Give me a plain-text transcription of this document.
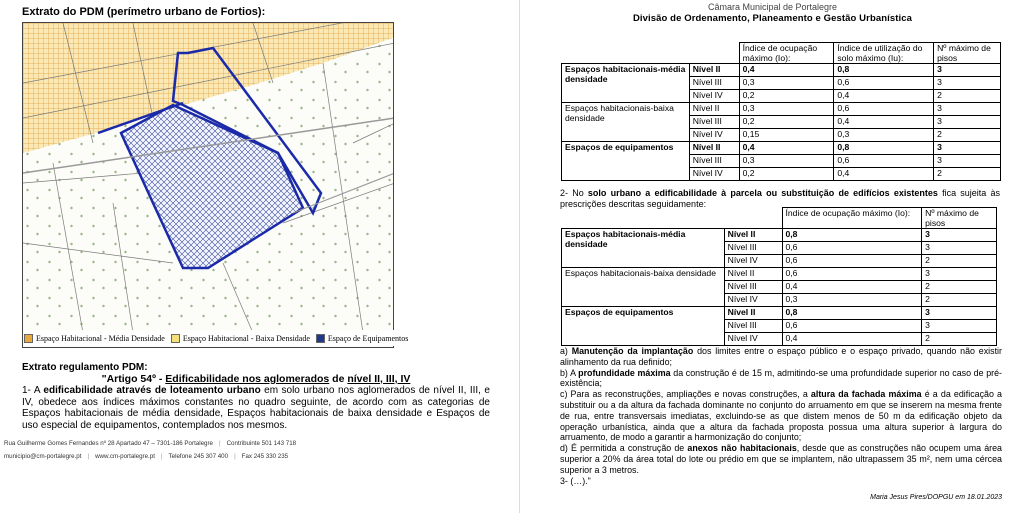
Extrato do PDM (perímetro urbano de Fortios):
Espaço Habitacional - Média Densidade Espaço Habitacional - Baixa Densidade Espaço de Equipamentos
Extrato regulamento PDM:
"Artigo 54º - Edificabilidade nos aglomerados de nível II, III, IV

1- A edificabilidade através de loteamento urbano em solo urbano nos aglomerados de nível II, III, e IV, obedece aos índices máximos constantes no quadro seguinte, de acordo com as categorias de Espaços habitacionais de média densidade, Espaços habitacionais de baixa densidade e Espaços de uso especial de equipamentos, contemplados nos mesmos.

Rua Guilherme Gomes Fernandes nº 28 Apartado 47 – 7301-186 Portalegre | Contribuinte 501 143 718
municipio@cm-portalegre.pt | www.cm-portalegre.pt | Telefone 245 307 400 | Fax 245 330 235
Câmara Municipal de Portalegre
Divisão de Ordenamento, Planeamento e Gestão Urbanística
		Índice de ocupação máximo (Io):	Índice de utilização do solo máximo (Iu):	Nº máximo de pisos
Espaços habitacionais-média densidade	Nível II	0,4	0,8	3
	Nível III	0,3	0,6	3
	Nível IV	0,2	0,4	2
Espaços habitacionais-baixa densidade	Nível II	0,3	0,6	3
	Nível III	0,2	0,4	3
	Nível IV	0,15	0,3	2
Espaços de equipamentos	Nível II	0,4	0,8	3
	Nível III	0,3	0,6	3
	Nível IV	0,2	0,4	2
2- No solo urbano a edificabilidade à parcela ou substituição de edifícios existentes fica sujeita às prescrições descritas seguidamente:
		Índice de ocupação máximo (Io):	Nº máximo de pisos
Espaços habitacionais-média densidade	Nível II	0,8	3
	Nível III	0,6	3
	Nível IV	0,6	2
Espaços habitacionais-baixa densidade	Nível II	0,6	3
	Nível III	0,4	2
	Nível IV	0,3	2
Espaços de equipamentos	Nível II	0,8	3
	Nível III	0,6	3
	Nível IV	0,4	2
a) Manutenção da implantação dos limites entre o espaço público e o espaço privado, quando não existir alinhamento da rua definido;
b) A profundidade máxima da construção é de 15 m, admitindo-se uma profundidade superior no caso de pré-existência;
c) Para as reconstruções, ampliações e novas construções, a altura da fachada máxima é a da edificação a substituir ou a da altura da fachada dominante no conjunto do arruamento em que se inserem na mesma frente de rua, entre transversais imediatas, excluindo-se as que distem menos de 50 m da edificação objeto da operação urbanística, ainda que a altura da fachada proposta possua uma altura superior à largura do arruamento, de modo a garantir a harmonização do conjunto;
d) É permitida a construção de anexos não habitacionais, desde que as construções não ocupem uma área superior a 20% da área total do lote ou prédio em que se implantem, não ultrapassem 35 m², nem uma cércea superior a 3 metros.
3- (…)."
Maria Jesus Pires/DOPGU em 18.01.2023
